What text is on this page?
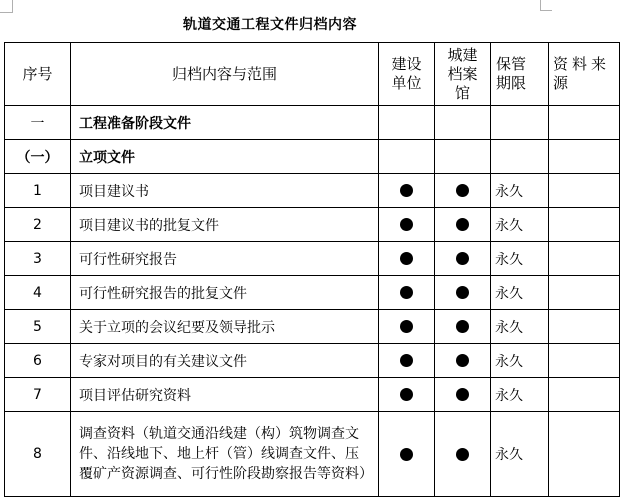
轨道交通工程文件归档内容
序号	归档内容与范围	建设单位	城建档案馆	保管期限	资料来源
一	工程准备阶段文件				
（一）	立项文件				
1	项目建议书			永久	
2	项目建议书的批复文件			永久	
3	可行性研究报告			永久	
4	可行性研究报告的批复文件			永久	
5	关于立项的会议纪要及领导批示			永久	
6	专家对项目的有关建议文件			永久	
7	项目评估研究资料			永久	
8	调查资料（轨道交通沿线建（构）筑物调查文件、沿线地下、地上杆（管）线调查文件、压覆矿产资源调查、可行性阶段勘察报告等资料）			永久	
